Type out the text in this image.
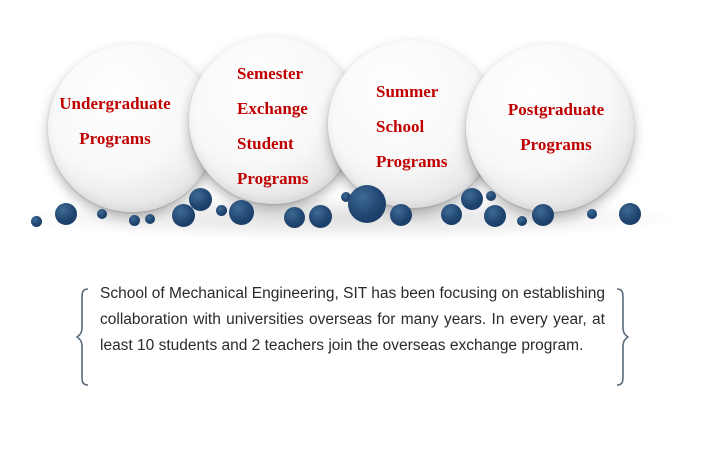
Undergraduate
Programs
Semester
Exchange
Student
Programs
Summer
School
Programs
Postgraduate
Programs
School of Mechanical Engineering, SIT has been focusing on establishing collaboration with universities overseas for many years. In every year, at least 10 students and 2 teachers join the overseas exchange program.
